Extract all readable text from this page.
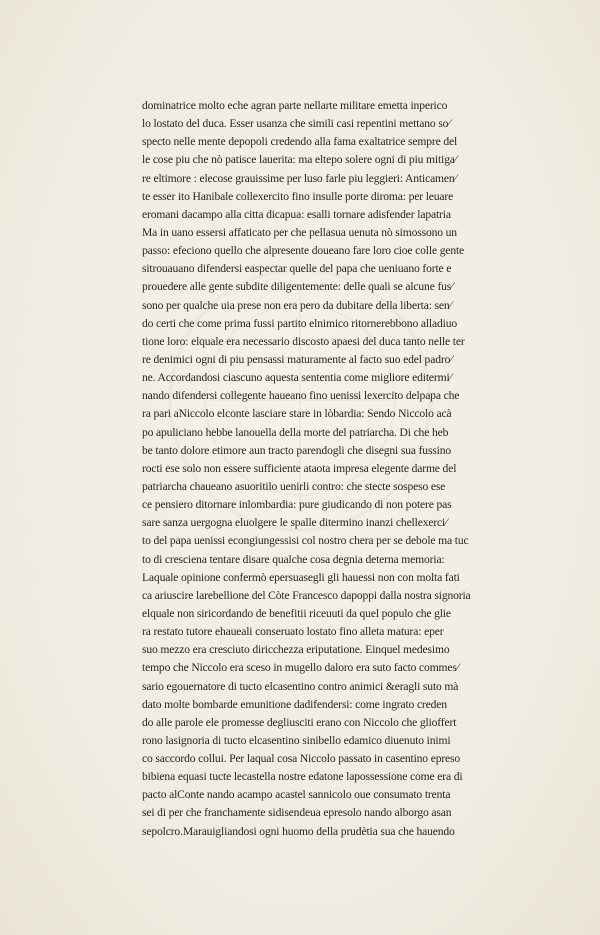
dominatrice molto eche agran parte nellarte militare emetta inperico
lo lostato del duca. Esser usanza che simili casi repentini mettano so⁄
specto nelle mente depopoli credendo alla fama exaltatrice sempre del
le cose piu che nò patisce lauerita: ma eltepo solere ogni di piu mitiga⁄
re eltimore : elecose grauissime per luso farle piu leggieri: Anticamen⁄
te esser ito Hanibale collexercito fino insulle porte diroma: per leuare
eromani dacampo alla citta dicapua: esalli tornare adisfender lapatria
Ma in uano essersi affaticato per che pellasua uenuta nò simossono un
passo: efeciono quello che alpresente doueano fare loro cioe colle gente
sitrouauano difendersi easpectar quelle del papa che ueniuano forte e
prouedere alle gente subdite diligentemente: delle quali se alcune fus⁄
sono per qualche uia prese non era pero da dubitare della liberta: sen⁄
do certi che come prima fussi partito elnimico ritornerebbono alladiuo
tione loro: elquale era necessario discosto apaesi del duca tanto nelle ter
re denimici ogni di piu pensassi maturamente al facto suo edel padro⁄
ne. Accordandosi ciascuno aquesta sententia come migliore editermi⁄
nando difendersi collegente haueano fino uenissi lexercito delpapa che
ra pari aNiccolo elconte lasciare stare in lòbardia: Sendo Niccolo acà
po apuliciano hebbe lanouella della morte del patriarcha. Di che heb
be tanto dolore etimore aun tracto parendogli che disegni sua fussino
rocti ese solo non essere sufficiente ataota impresa elegente darme del
patriarcha chaueano asuoritilo uenirli contro: che stecte sospeso ese
ce pensiero ditornare inlombardia: pure giudicando di non potere pas
sare sanza uergogna eluolgere le spalle ditermino inanzi chellexerci⁄
to del papa uenissi econgiungessisi col nostro chera per se debole ma tuc
to di cresciena tentare disare qualche cosa degnia deterna memoria:
Laquale opinione confermò epersuasegli gli hauessi non con molta fati
ca ariuscire larebellione del Còte Francesco dapoppi dalla nostra signoria
elquale non siricordando de benefitii riceuuti da quel populo che glie
ra restato tutore ehaueali conseruato lostato fino alleta matura: eper
suo mezzo era cresciuto diricchezza eriputatione. Einquel medesimo
tempo che Niccolo era sceso in mugello daloro era suto facto commes⁄
sario egouernatore di tucto elcasentino contro animici &eragli suto mà
dato molte bombarde emunitione dadifendersi: come ingrato creden
do alle parole ele promesse degliusciti erano con Niccolo che glioffert
rono lasignoria di tucto elcasentino sinibello edamico diuenuto inimi
co saccordo collui. Per laqual cosa Niccolo passato in casentino epreso
bibiena equasi tucte lecastella nostre edatone lapossessione come era di
pacto alConte nando acampo acastel sannicolo oue consumato trenta
sei di per che franchamente sidisendeua epresolo nando alborgo asan
sepolcro.Marauigliandosi ogni huomo della prudètia sua che hauendo
